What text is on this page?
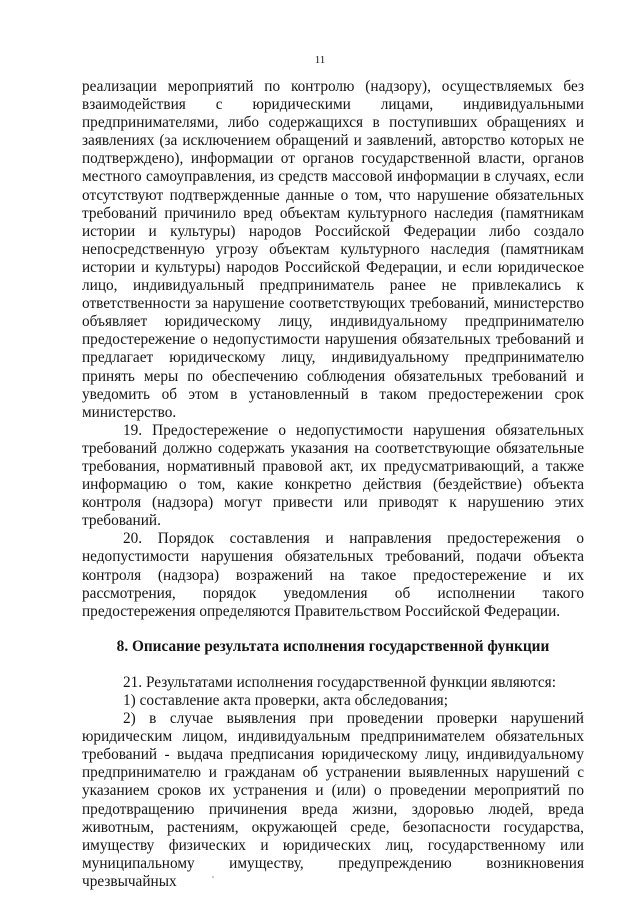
11

реализации мероприятий по контролю (надзору), осуществляемых без взаимодействия с юридическими лицами, индивидуальными предпринимателями, либо содержащихся в поступивших обращениях и заявлениях (за исключением обращений и заявлений, авторство которых не подтверждено), информации от органов государственной власти, органов местного самоуправления, из средств массовой информации в случаях, если отсутствуют подтвержденные данные о том, что нарушение обязательных требований причинило вред объектам культурного наследия (памятникам истории и культуры) народов Российской Федерации либо создало непосредственную угрозу объектам культурного наследия (памятникам истории и культуры) народов Российской Федерации, и если юридическое лицо, индивидуальный предприниматель ранее не привлекались к ответственности за нарушение соответствующих требований, министерство объявляет юридическому лицу, индивидуальному предпринимателю предостережение о недопустимости нарушения обязательных требований и предлагает юридическому лицу, индивидуальному предпринимателю принять меры по обеспечению соблюдения обязательных требований и уведомить об этом в установленный в таком предостережении срок министерство.

19. Предостережение о недопустимости нарушения обязательных требований должно содержать указания на соответствующие обязательные требования, нормативный правовой акт, их предусматривающий, а также информацию о том, какие конкретно действия (бездействие) объекта контроля (надзора) могут привести или приводят к нарушению этих требований.

20. Порядок составления и направления предостережения о недопустимости нарушения обязательных требований, подачи объекта контроля (надзора) возражений на такое предостережение и их рассмотрения, порядок уведомления об исполнении такого предостережения определяются Правительством Российской Федерации.

8. Описание результата исполнения государственной функции

21. Результатами исполнения государственной функции являются:

1) составление акта проверки, акта обследования;

2) в случае выявления при проведении проверки нарушений юридическим лицом, индивидуальным предпринимателем обязательных требований - выдача предписания юридическому лицу, индивидуальному предпринимателю и гражданам об устранении выявленных нарушений с указанием сроков их устранения и (или) о проведении мероприятий по предотвращению причинения вреда жизни, здоровью людей, вреда животным, растениям, окружающей среде, безопасности государства, имуществу физических и юридических лиц, государственному или муниципальному имуществу, предупреждению возникновения чрезвычайных
